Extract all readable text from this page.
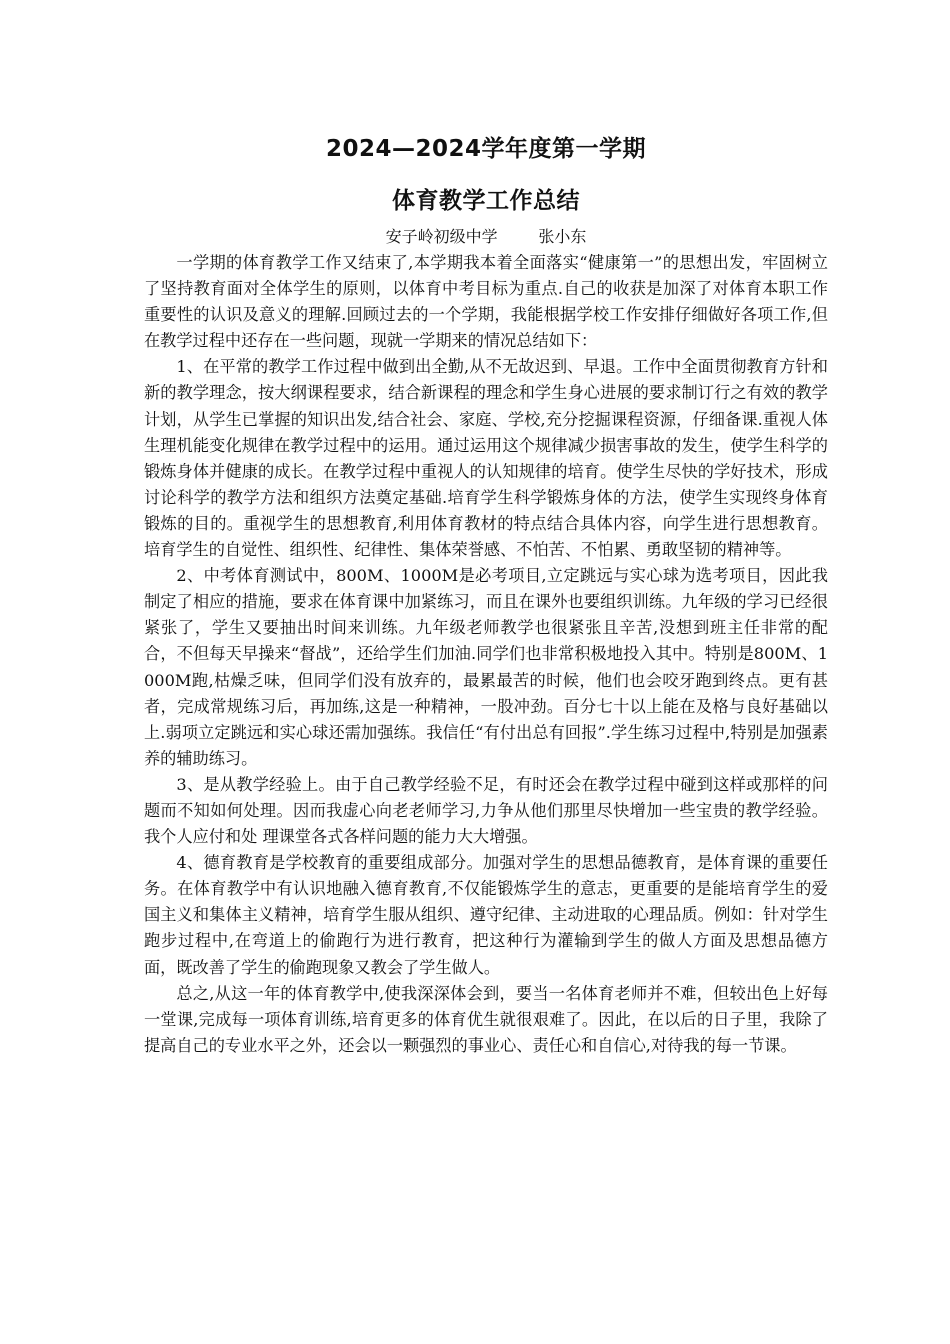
2024—2024学年度第一学期
体育教学工作总结
安子岭初级中学        张小东

一学期的体育教学工作又结束了,本学期我本着全面落实“健康第一”的思想出发，牢固树立了坚持教育面对全体学生的原则，以体育中考目标为重点.自己的收获是加深了对体育本职工作重要性的认识及意义的理解.回顾过去的一个学期，我能根据学校工作安排仔细做好各项工作,但在教学过程中还存在一些问题，现就一学期来的情况总结如下：

1、在平常的教学工作过程中做到出全勤,从不无故迟到、早退。工作中全面贯彻教育方针和新的教学理念，按大纲课程要求，结合新课程的理念和学生身心进展的要求制订行之有效的教学计划，从学生已掌握的知识出发,结合社会、家庭、学校,充分挖掘课程资源，仔细备课.重视人体生理机能变化规律在教学过程中的运用。通过运用这个规律减少损害事故的发生，使学生科学的锻炼身体并健康的成长。在教学过程中重视人的认知规律的培育。使学生尽快的学好技术，形成讨论科学的教学方法和组织方法奠定基础.培育学生科学锻炼身体的方法，使学生实现终身体育锻炼的目的。重视学生的思想教育,利用体育教材的特点结合具体内容，向学生进行思想教育。培育学生的自觉性、组织性、纪律性、集体荣誉感、不怕苦、不怕累、勇敢坚韧的精神等。

2、中考体育测试中，800M、1000M是必考项目,立定跳远与实心球为选考项目，因此我制定了相应的措施，要求在体育课中加紧练习，而且在课外也要组织训练。九年级的学习已经很紧张了，学生又要抽出时间来训练。九年级老师教学也很紧张且辛苦,没想到班主任非常的配合，不但每天早操来“督战”，还给学生们加油.同学们也非常积极地投入其中。特别是800M、1000M跑,枯燥乏味，但同学们没有放弃的，最累最苦的时候，他们也会咬牙跑到终点。更有甚者，完成常规练习后，再加练,这是一种精神，一股冲劲。百分七十以上能在及格与良好基础以上.弱项立定跳远和实心球还需加强练。我信任“有付出总有回报”.学生练习过程中,特别是加强素养的辅助练习。

3、是从教学经验上。由于自己教学经验不足，有时还会在教学过程中碰到这样或那样的问题而不知如何处理。因而我虚心向老老师学习,力争从他们那里尽快增加一些宝贵的教学经验。我个人应付和处 理课堂各式各样问题的能力大大增强。

4、德育教育是学校教育的重要组成部分。加强对学生的思想品德教育，是体育课的重要任务。在体育教学中有认识地融入德育教育,不仅能锻炼学生的意志，更重要的是能培育学生的爱国主义和集体主义精神，培育学生服从组织、遵守纪律、主动进取的心理品质。例如：针对学生跑步过程中,在弯道上的偷跑行为进行教育，把这种行为灌输到学生的做人方面及思想品德方面，既改善了学生的偷跑现象又教会了学生做人。

总之,从这一年的体育教学中,使我深深体会到，要当一名体育老师并不难，但较出色上好每一堂课,完成每一项体育训练,培育更多的体育优生就很艰难了。因此，在以后的日子里，我除了提高自己的专业水平之外，还会以一颗强烈的事业心、责任心和自信心,对待我的每一节课。
